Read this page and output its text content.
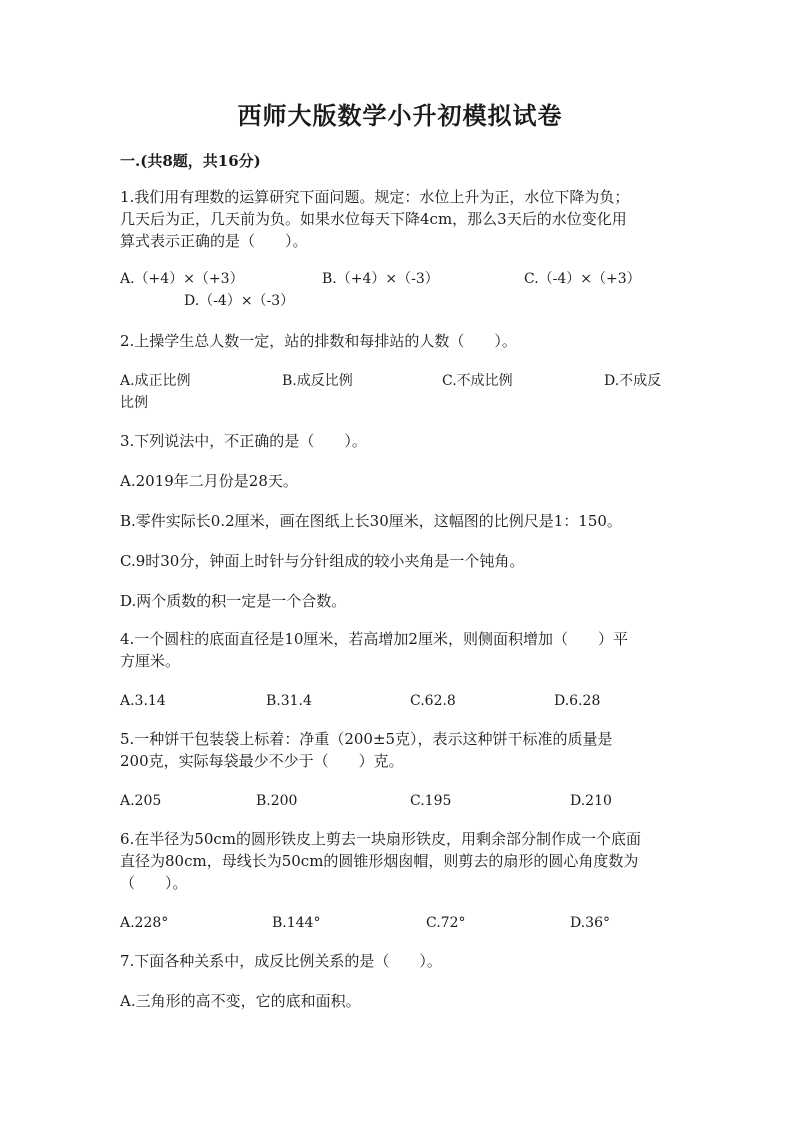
西师大版数学小升初模拟试卷
一.(共8题，共16分)
1.我们用有理数的运算研究下面问题。规定：水位上升为正，水位下降为负；
几天后为正，几天前为负。如果水位每天下降4cm，那么3天后的水位变化用
算式表示正确的是（　　）。
A.（+4）×（+3）	B.（+4）×（-3）	C.（-4）×（+3）
D.（-4）×（-3）
2.上操学生总人数一定，站的排数和每排站的人数（　　）。
A.成正比例	B.成反比例	C.不成比例	D.不成反
比例
3.下列说法中，不正确的是（　　）。
A.2019年二月份是28天。
B.零件实际长0.2厘米，画在图纸上长30厘米，这幅图的比例尺是1：150。
C.9时30分，钟面上时针与分针组成的较小夹角是一个钝角。
D.两个质数的积一定是一个合数。
4.一个圆柱的底面直径是10厘米，若高增加2厘米，则侧面积增加（　　）平
方厘米。
A.3.14	B.31.4	C.62.8	D.6.28
5.一种饼干包装袋上标着：净重（200±5克），表示这种饼干标准的质量是
200克，实际每袋最少不少于（　　）克。
A.205	B.200	C.195	D.210
6.在半径为50cm的圆形铁皮上剪去一块扇形铁皮，用剩余部分制作成一个底面
直径为80cm，母线长为50cm的圆锥形烟囱帽，则剪去的扇形的圆心角度数为
（　　）。
A.228°	B.144°	C.72°	D.36°
7.下面各种关系中，成反比例关系的是（　　）。
A.三角形的高不变，它的底和面积。
